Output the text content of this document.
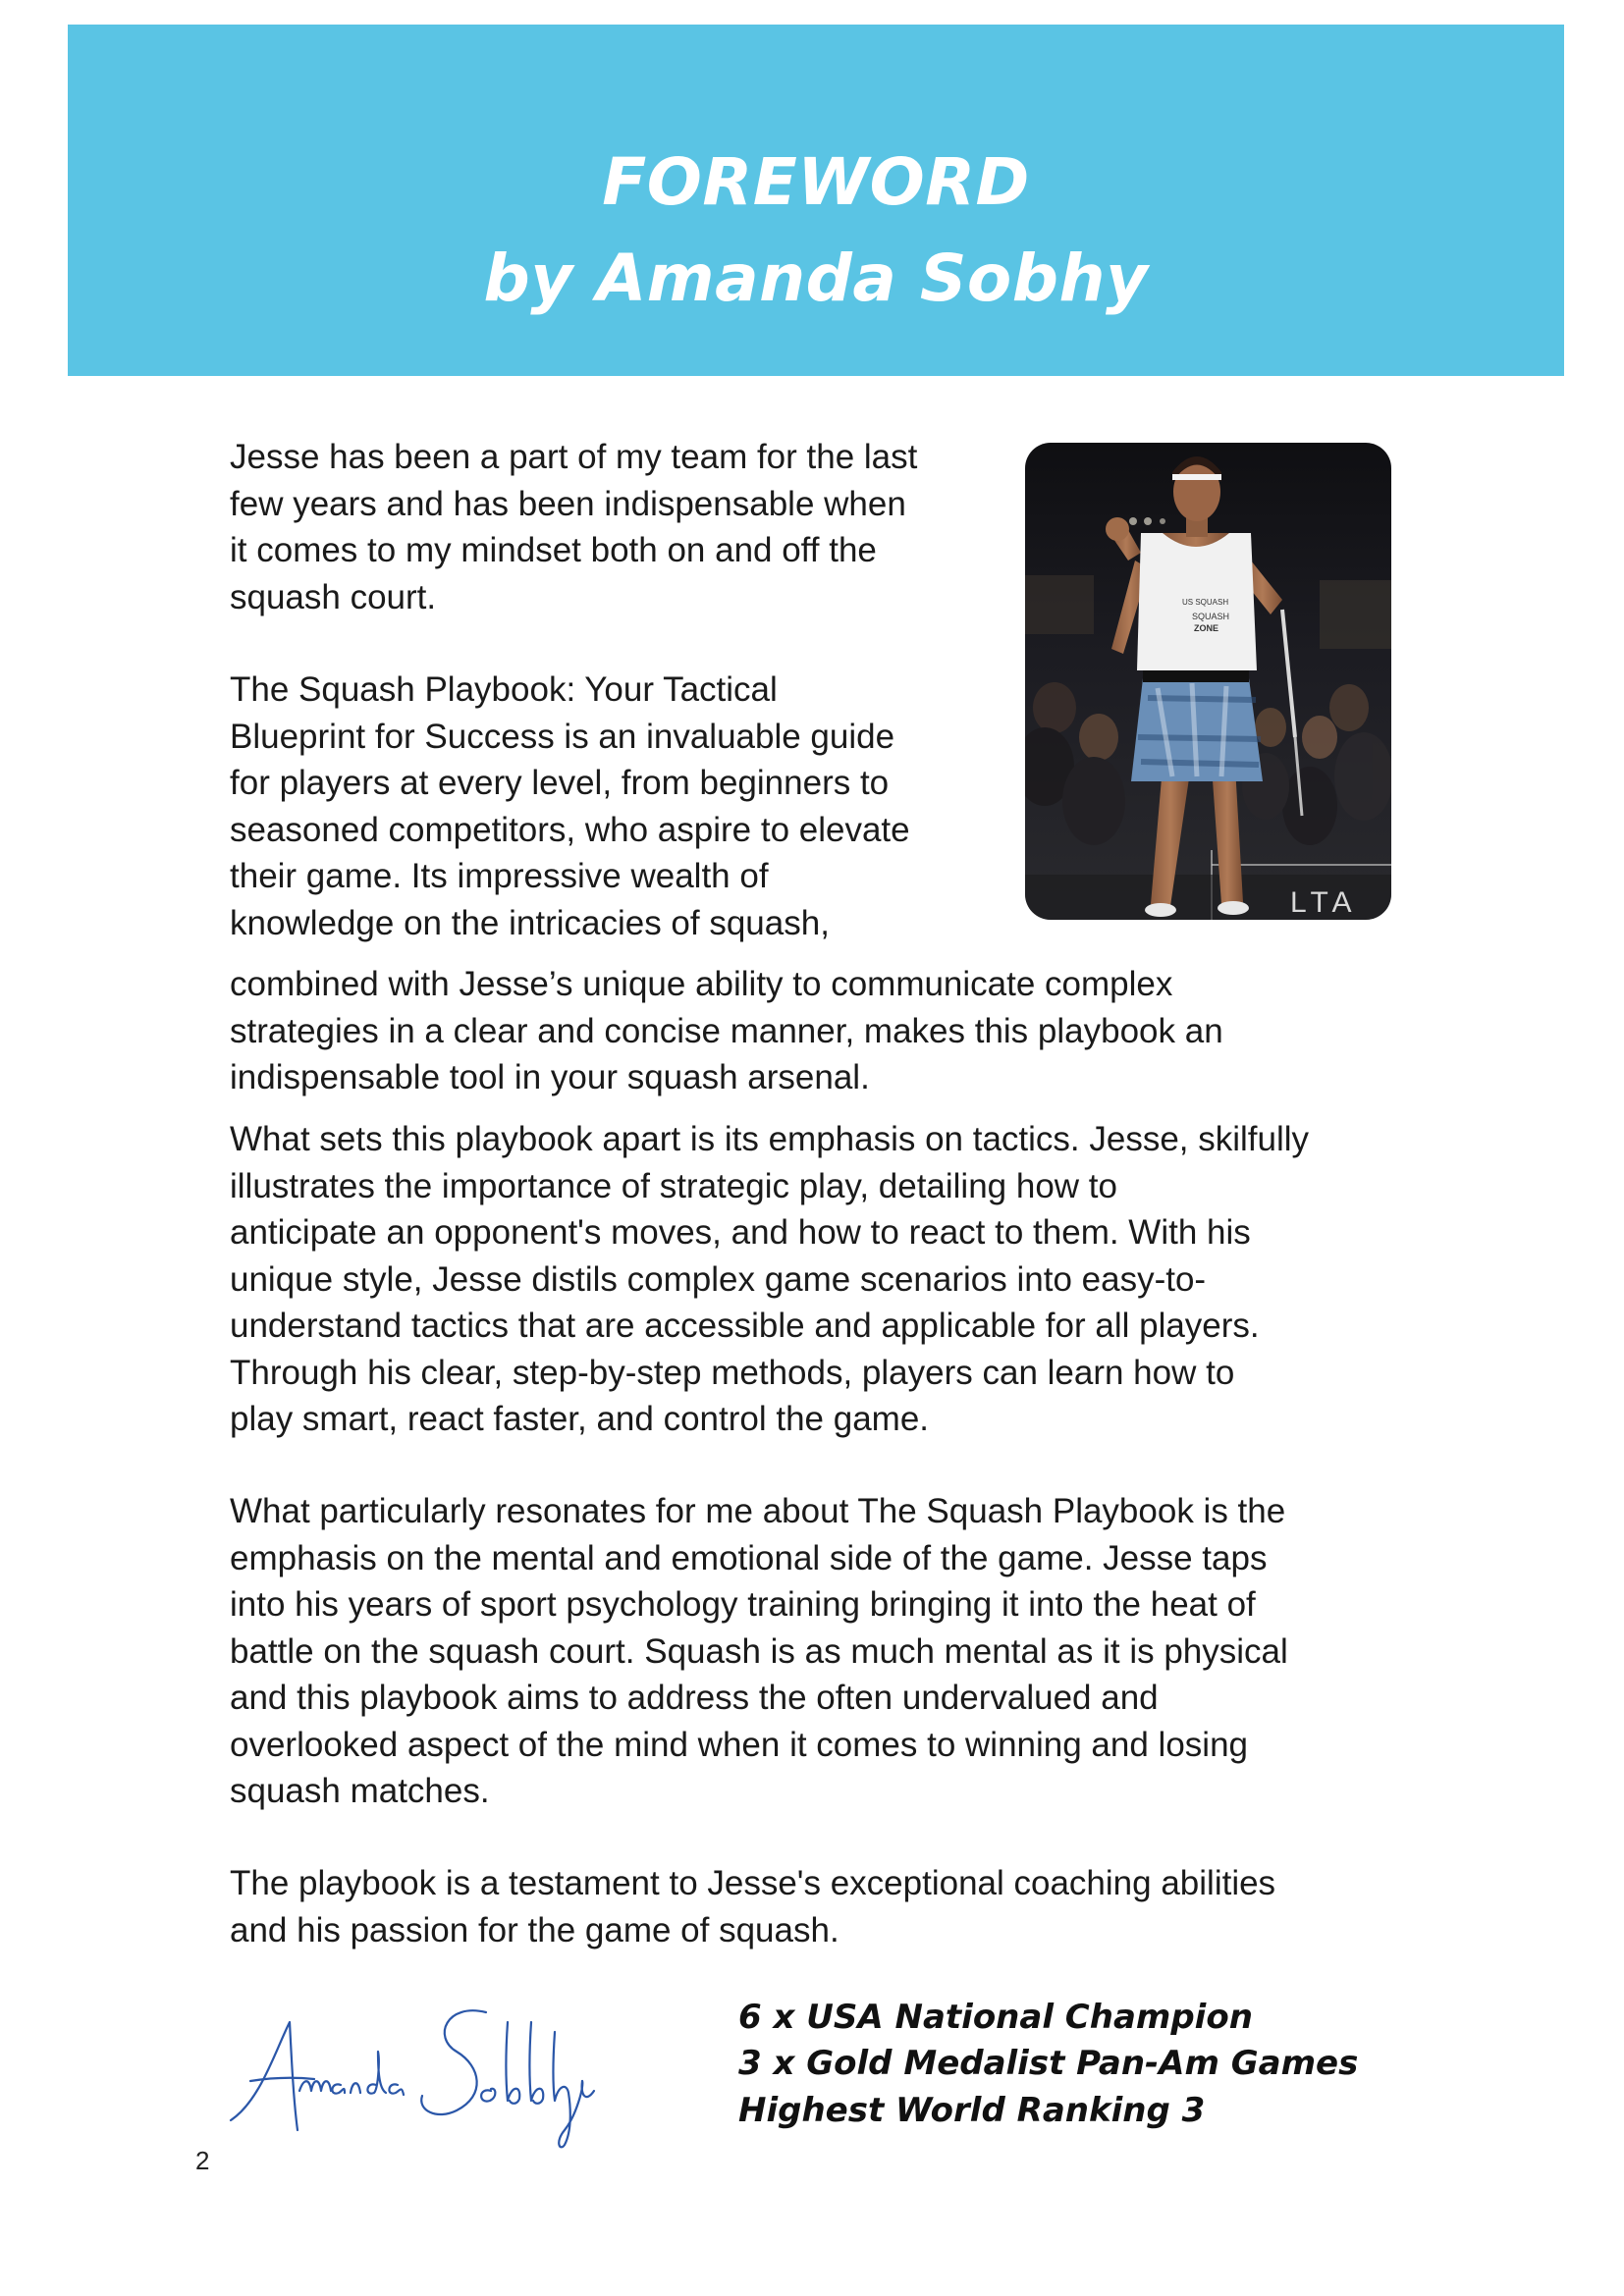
FOREWORD
by Amanda Sobhy

Jesse has been a part of my team for the last
few years and has been indispensable when
it comes to my mindset both on and off the
squash court.

The Squash Playbook: Your Tactical
Blueprint for Success is an invaluable guide
for players at every level, from beginners to
seasoned competitors, who aspire to elevate
their game. Its impressive wealth of
knowledge on the intricacies of squash,

combined with Jesse’s unique ability to communicate complex
strategies in a clear and concise manner, makes this playbook an
indispensable tool in your squash arsenal.

What sets this playbook apart is its emphasis on tactics. Jesse, skilfully
illustrates the importance of strategic play, detailing how to
anticipate an opponent's moves, and how to react to them. With his
unique style, Jesse distils complex game scenarios into easy-to-
understand tactics that are accessible and applicable for all players.
Through his clear, step-by-step methods, players can learn how to
play smart, react faster, and control the game.

What particularly resonates for me about The Squash Playbook is the
emphasis on the mental and emotional side of the game. Jesse taps
into his years of sport psychology training bringing it into the heat of
battle on the squash court. Squash is as much mental as it is physical
and this playbook aims to address the often undervalued and
overlooked aspect of the mind when it comes to winning and losing
squash matches.

The playbook is a testament to Jesse's exceptional coaching abilities
and his passion for the game of squash.

LTA
US SQUASH
SQUASH
ZONE
6 x USA National Champion
3 x Gold Medalist Pan-Am Games
Highest World Ranking 3
2
